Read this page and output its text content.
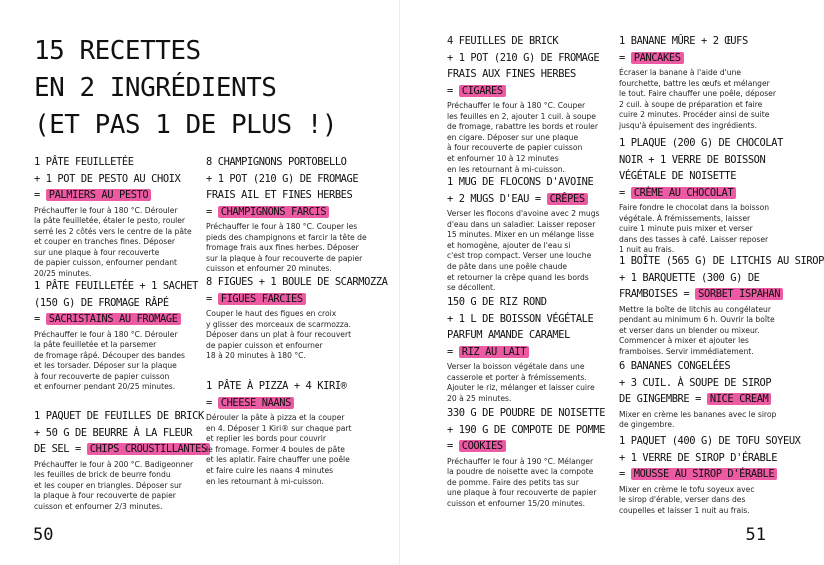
15 RECETTES
EN 2 INGRÉDIENTS
(ET PAS 1 DE PLUS !)
50
1 PÂTE FEUILLETÉE
+ 1 POT DE PESTO AU CHOIX
= PALMIERS AU PESTO
Préchauffer le four à 180 °C. Dérouler
la pâte feuilletée, étaler le pesto, rouler
serré les 2 côtés vers le centre de la pâte
et couper en tranches fines. Déposer
sur une plaque à four recouverte
de papier cuisson, enfourner pendant
20/25 minutes.
1 PÂTE FEUILLETÉE + 1 SACHET
(150 G) DE FROMAGE RÂPÉ
= SACRISTAINS AU FROMAGE
Préchauffer le four à 180 °C. Dérouler
la pâte feuilletée et la parsemer
de fromage râpé. Découper des bandes
et les torsader. Déposer sur la plaque
à four recouverte de papier cuisson
et enfourner pendant 20/25 minutes.
1 PAQUET DE FEUILLES DE BRICK
+ 50 G DE BEURRE À LA FLEUR
DE SEL = CHIPS CROUSTILLANTES
Préchauffer le four à 200 °C. Badigeonner
les feuilles de brick de beurre fondu
et les couper en triangles. Déposer sur
la plaque à four recouverte de papier
cuisson et enfourner 2/3 minutes.
8 CHAMPIGNONS PORTOBELLO
+ 1 POT (210 G) DE FROMAGE
FRAIS AIL ET FINES HERBES
= CHAMPIGNONS FARCIS
Préchauffer le four à 180 °C. Couper les
pieds des champignons et farcir la tête de
fromage frais aux fines herbes. Déposer
sur la plaque à four recouverte de papier
cuisson et enfourner 20 minutes.
8 FIGUES + 1 BOULE DE SCARMOZZA
= FIGUES FARCIES
Couper le haut des figues en croix
y glisser des morceaux de scarmozza.
Déposer dans un plat à four recouvert
de papier cuisson et enfourner
18 à 20 minutes à 180 °C.
1 PÂTE À PIZZA + 4 KIRI®
= CHEESE NAANS
Dérouler la pâte à pizza et la couper
en 4. Déposer 1 Kiri® sur chaque part
et replier les bords pour couvrir
le fromage. Former 4 boules de pâte
et les aplatir. Faire chauffer une poêle
et faire cuire les naans 4 minutes
en les retournant à mi-cuisson.
51
4 FEUILLES DE BRICK
+ 1 POT (210 G) DE FROMAGE
FRAIS AUX FINES HERBES
= CIGARES
Préchauffer le four à 180 °C. Couper
les feuilles en 2, ajouter 1 cuil. à soupe
de fromage, rabattre les bords et rouler
en cigare. Déposer sur une plaque
à four recouverte de papier cuisson
et enfourner 10 à 12 minutes
en les retournant à mi-cuisson.
1 MUG DE FLOCONS D'AVOINE
+ 2 MUGS D'EAU = CRÊPES
Verser les flocons d'avoine avec 2 mugs
d'eau dans un saladier. Laisser reposer
15 minutes. Mixer en un mélange lisse
et homogène, ajouter de l'eau si
c'est trop compact. Verser une louche
de pâte dans une poêle chaude
et retourner la crêpe quand les bords
se décollent.
150 G DE RIZ ROND
+ 1 L DE BOISSON VÉGÉTALE
PARFUM AMANDE CARAMEL
= RIZ AU LAIT
Verser la boisson végétale dans une
casserole et porter à frémissements.
Ajouter le riz, mélanger et laisser cuire
20 à 25 minutes.
330 G DE POUDRE DE NOISETTE
+ 190 G DE COMPOTE DE POMME
= COOKIES
Préchauffer le four à 190 °C. Mélanger
la poudre de noisette avec la compote
de pomme. Faire des petits tas sur
une plaque à four recouverte de papier
cuisson et enfourner 15/20 minutes.
1 BANANE MÛRE + 2 ŒUFS
= PANCAKES
Écraser la banane à l'aide d'une
fourchette, battre les œufs et mélanger
le tout. Faire chauffer une poêle, déposer
2 cuil. à soupe de préparation et faire
cuire 2 minutes. Procéder ainsi de suite
jusqu'à épuisement des ingrédients.
1 PLAQUE (200 G) DE CHOCOLAT
NOIR + 1 VERRE DE BOISSON
VÉGÉTALE DE NOISETTE
= CRÈME AU CHOCOLAT
Faire fondre le chocolat dans la boisson
végétale. À frémissements, laisser
cuire 1 minute puis mixer et verser
dans des tasses à café. Laisser reposer
1 nuit au frais.
1 BOÎTE (565 G) DE LITCHIS AU SIROP
+ 1 BARQUETTE (300 G) DE
FRAMBOISES = SORBET ISPAHAN
Mettre la boîte de litchis au congélateur
pendant au minimum 6 h. Ouvrir la boîte
et verser dans un blender ou mixeur.
Commencer à mixer et ajouter les
framboises. Servir immédiatement.
6 BANANES CONGELÉES
+ 3 CUIL. À SOUPE DE SIROP
DE GINGEMBRE = NICE CREAM
Mixer en crème les bananes avec le sirop
de gingembre.
1 PAQUET (400 G) DE TOFU SOYEUX
+ 1 VERRE DE SIROP D'ÉRABLE
= MOUSSE AU SIROP D'ÉRABLE
Mixer en crème le tofu soyeux avec
le sirop d'érable, verser dans des
coupelles et laisser 1 nuit au frais.
